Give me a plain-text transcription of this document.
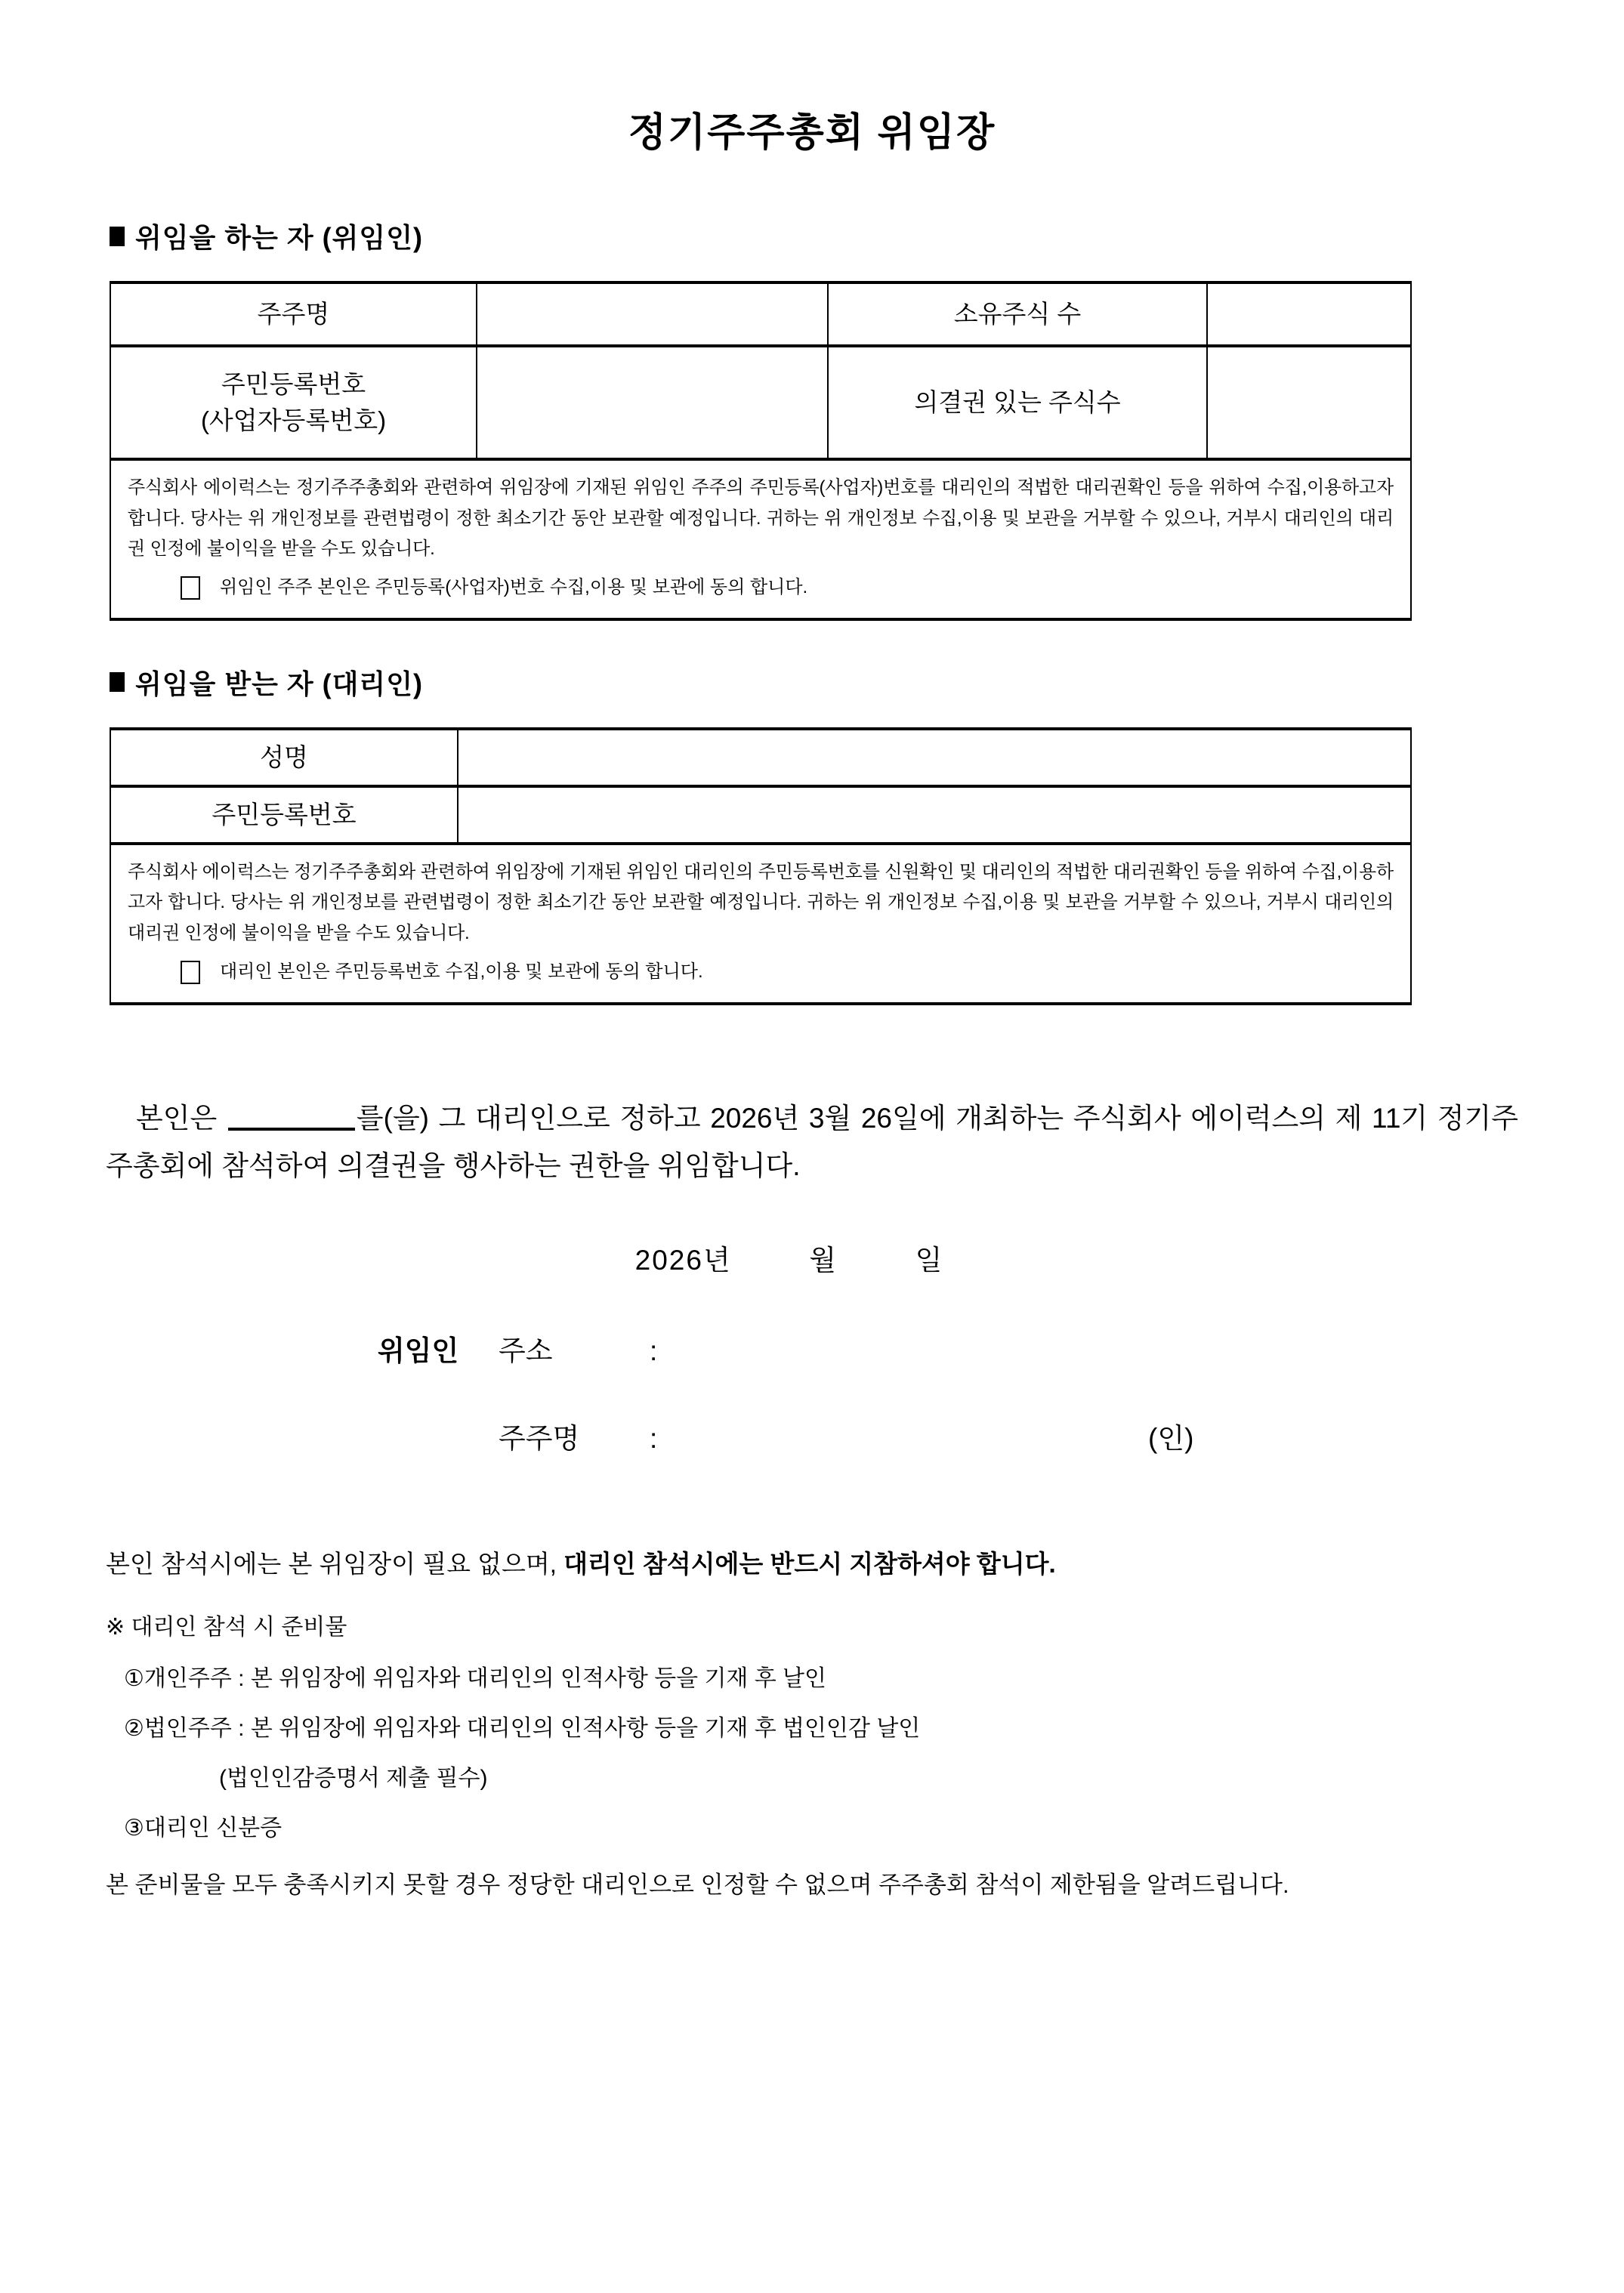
정기주주총회 위임장
위임을 하는 자 (위임인)
주주명		소유주식 수	

주민등록번호
(사업자등록번호)		의결권 있는 주식수	

주식회사 에이럭스는 정기주주총회와 관련하여 위임장에 기재된 위임인 주주의 주민등록(사업자)번호를 대리인의 적법한 대리권확인 등을 위하여 수집,이용하고자 합니다. 당사는 위 개인정보를 관련법령이 정한 최소기간 동안 보관할 예정입니다. 귀하는 위 개인정보 수집,이용 및 보관을 거부할 수 있으나, 거부시 대리인의 대리권 인정에 불이익을 받을 수도 있습니다.

위임인 주주 본인은 주민등록(사업자)번호 수집,이용 및 보관에 동의 합니다.			
위임을 받는 자 (대리인)
성명	
주민등록번호	

주식회사 에이럭스는 정기주주총회와 관련하여 위임장에 기재된 위임인 대리인의 주민등록번호를 신원확인 및 대리인의 적법한 대리권확인 등을 위하여 수집,이용하고자 합니다. 당사는 위 개인정보를 관련법령이 정한 최소기간 동안 보관할 예정입니다. 귀하는 위 개인정보 수집,이용 및 보관을 거부할 수 있으나, 거부시 대리인의 대리권 인정에 불이익을 받을 수도 있습니다.

대리인 본인은 주민등록번호 수집,이용 및 보관에 동의 합니다.	

본인은	를(을) 그 대리인으로 정하고 2026년 3월 26일에 개최하는 주식회사 에이럭스의 제 11기 정기주주총회에 참석하여 의결권을 행사하는 권한을 위임합니다.

2026년	월	일
위임인	주소	:
주주명	:	(인)

본인 참석시에는 본 위임장이 필요 없으며, 대리인 참석시에는 반드시 지참하셔야 합니다.

※ 대리인 참석 시 준비물

①개인주주 : 본 위임장에 위임자와 대리인의 인적사항 등을 기재 후 날인

②법인주주 : 본 위임장에 위임자와 대리인의 인적사항 등을 기재 후 법인인감 날인

(법인인감증명서 제출 필수)

③대리인 신분증

본 준비물을 모두 충족시키지 못할 경우 정당한 대리인으로 인정할 수 없으며 주주총회 참석이 제한됨을 알려드립니다.
